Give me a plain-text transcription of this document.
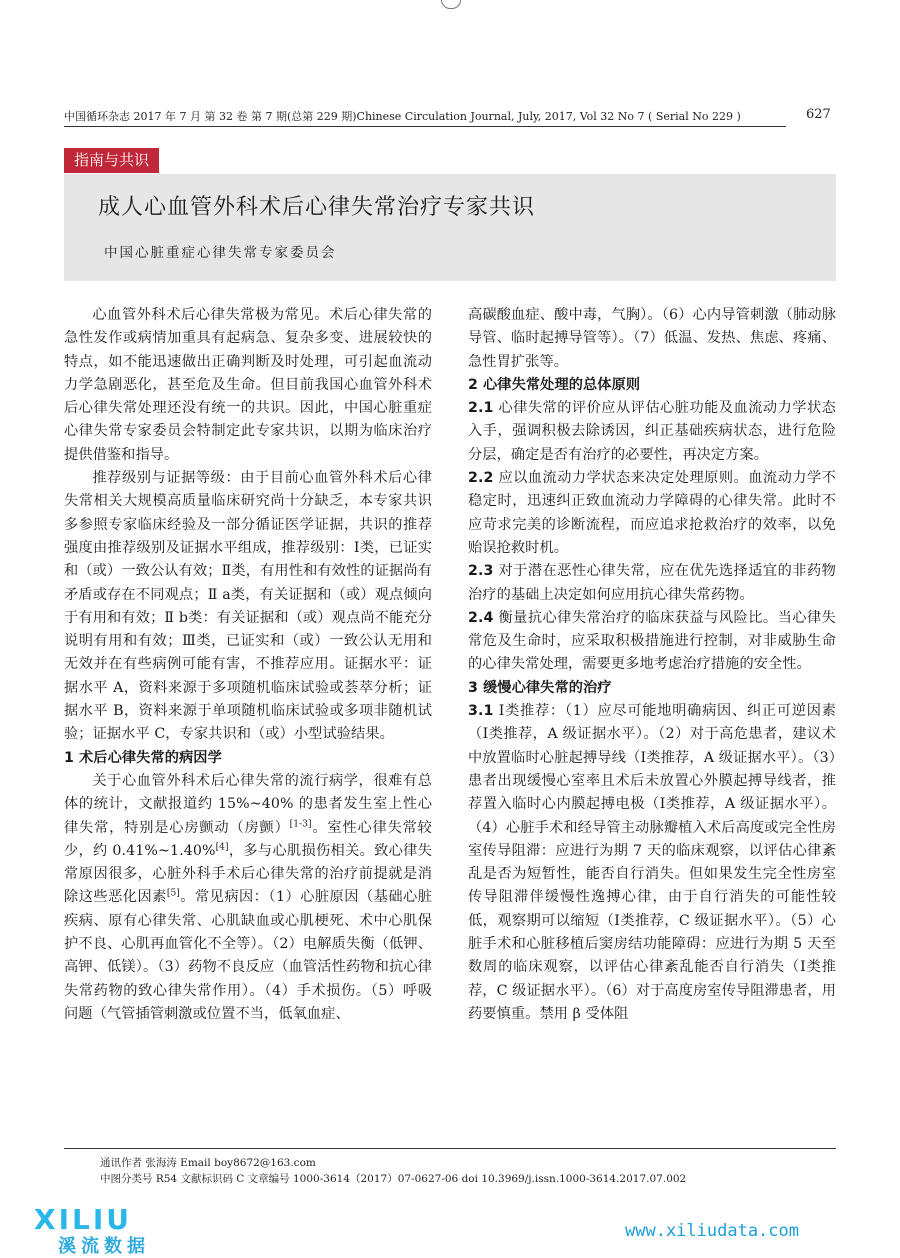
中国循环杂志 2017 年 7 月 第 32 卷 第 7 期(总第 229 期)Chinese Circulation Journal, July, 2017, Vol 32 No 7 ( Serial No 229 )	627
指南与共识
成人心血管外科术后心律失常治疗专家共识
中国心脏重症心律失常专家委员会

心血管外科术后心律失常极为常见。术后心律失常的急性发作或病情加重具有起病急、复杂多变、进展较快的特点，如不能迅速做出正确判断及时处理，可引起血流动力学急剧恶化，甚至危及生命。但目前我国心血管外科术后心律失常处理还没有统一的共识。因此，中国心脏重症心律失常专家委员会特制定此专家共识，以期为临床治疗提供借鉴和指导。

推荐级别与证据等级：由于目前心血管外科术后心律失常相关大规模高质量临床研究尚十分缺乏，本专家共识多参照专家临床经验及一部分循证医学证据，共识的推荐强度由推荐级别及证据水平组成，推荐级别：Ⅰ类，已证实和（或）一致公认有效；Ⅱ类，有用性和有效性的证据尚有矛盾或存在不同观点；Ⅱ a类，有关证据和（或）观点倾向于有用和有效；Ⅱ b类：有关证据和（或）观点尚不能充分说明有用和有效；Ⅲ类，已证实和（或）一致公认无用和无效并在有些病例可能有害，不推荐应用。证据水平：证据水平 A，资料来源于多项随机临床试验或荟萃分析；证据水平 B，资料来源于单项随机临床试验或多项非随机试验；证据水平 C，专家共识和（或）小型试验结果。

1 术后心律失常的病因学

关于心血管外科术后心律失常的流行病学，很难有总体的统计，文献报道约 15%~40% 的患者发生室上性心律失常，特别是心房颤动（房颤）[1-3]。室性心律失常较少，约 0.41%~1.40%[4]，多与心肌损伤相关。致心律失常原因很多，心脏外科手术后心律失常的治疗前提就是消除这些恶化因素[5]。常见病因：（1）心脏原因（基础心脏疾病、原有心律失常、心肌缺血或心肌梗死、术中心肌保护不良、心肌再血管化不全等）。（2）电解质失衡（低钾、高钾、低镁）。（3）药物不良反应（血管活性药物和抗心律失常药物的致心律失常作用）。（4）手术损伤。（5）呼吸问题（气管插管刺激或位置不当，低氧血症、

高碳酸血症、酸中毒，气胸）。（6）心内导管刺激（肺动脉导管、临时起搏导管等）。（7）低温、发热、焦虑、疼痛、急性胃扩张等。

2 心律失常处理的总体原则

2.1 心律失常的评价应从评估心脏功能及血流动力学状态入手，强调积极去除诱因，纠正基础疾病状态，进行危险分层，确定是否有治疗的必要性，再决定方案。

2.2 应以血流动力学状态来决定处理原则。血流动力学不稳定时，迅速纠正致血流动力学障碍的心律失常。此时不应苛求完美的诊断流程，而应追求抢救治疗的效率，以免贻误抢救时机。

2.3 对于潜在恶性心律失常，应在优先选择适宜的非药物治疗的基础上决定如何应用抗心律失常药物。

2.4 衡量抗心律失常治疗的临床获益与风险比。当心律失常危及生命时，应采取积极措施进行控制，对非威胁生命的心律失常处理，需要更多地考虑治疗措施的安全性。

3 缓慢心律失常的治疗

3.1 Ⅰ类推荐：（1）应尽可能地明确病因、纠正可逆因素（Ⅰ类推荐，A 级证据水平）。（2）对于高危患者，建议术中放置临时心脏起搏导线（Ⅰ类推荐，A 级证据水平）。（3）患者出现缓慢心室率且术后未放置心外膜起搏导线者，推荐置入临时心内膜起搏电极（Ⅰ类推荐，A 级证据水平）。（4）心脏手术和经导管主动脉瓣植入术后高度或完全性房室传导阻滞：应进行为期 7 天的临床观察，以评估心律紊乱是否为短暂性，能否自行消失。但如果发生完全性房室传导阻滞伴缓慢性逸搏心律，由于自行消失的可能性较低，观察期可以缩短（Ⅰ类推荐，C 级证据水平）。（5）心脏手术和心脏移植后窦房结功能障碍：应进行为期 5 天至数周的临床观察，以评估心律紊乱能否自行消失（Ⅰ类推荐，C 级证据水平）。（6）对于高度房室传导阻滞患者，用药要慎重。禁用 β 受体阻

通讯作者 张海涛 Email boy8672@163.com
中图分类号 R54 文献标识码 C 文章编号 1000-3614（2017）07-0627-06 doi 10.3969/j.issn.1000-3614.2017.07.002
XILIU
溪流数据
www.xiliudata.com
